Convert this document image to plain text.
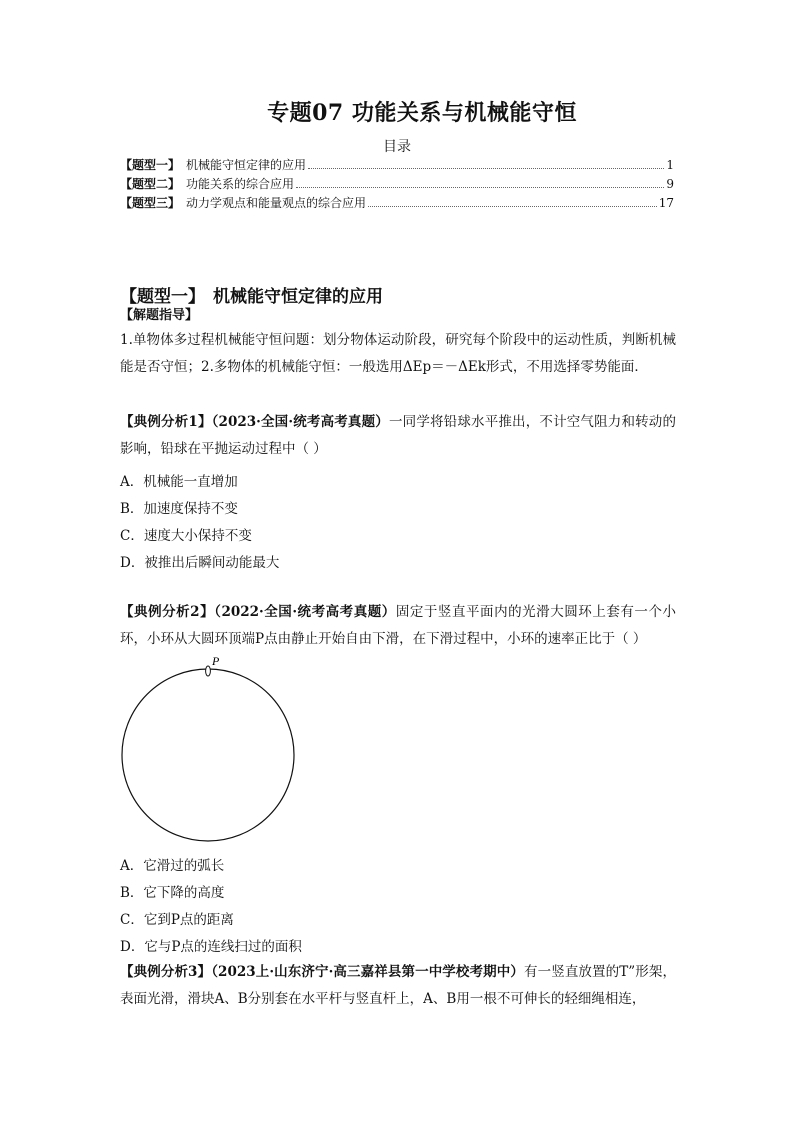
专题07 功能关系与机械能守恒
目录
【题型一】 机械能守恒定律的应用	1
【题型二】 功能关系的综合应用	9
【题型三】 动力学观点和能量观点的综合应用	17
【题型一】 机械能守恒定律的应用
【解题指导】
1.单物体多过程机械能守恒问题：划分物体运动阶段，研究每个阶段中的运动性质，判断机械能是否守恒；2.多物体的机械能守恒：一般选用ΔEp＝－ΔEk形式，不用选择零势能面．
【典例分析1】（2023·全国·统考高考真题）一同学将铅球水平推出，不计空气阻力和转动的影响，铅球在平抛运动过程中（ ）
A．机械能一直增加
B．加速度保持不变
C．速度大小保持不变
D．被推出后瞬间动能最大
【典例分析2】（2022·全国·统考高考真题）固定于竖直平面内的光滑大圆环上套有一个小环，小环从大圆环顶端P点由静止开始自由下滑，在下滑过程中，小环的速率正比于（ ）
P
A．它滑过的弧长
B．它下降的高度
C．它到P点的距离
D．它与P点的连线扫过的面积
【典例分析3】（2023上·山东济宁·高三嘉祥县第一中学校考期中）有一竖直放置的T”形架，表面光滑，滑块A、B分别套在水平杆与竖直杆上，A、B用一根不可伸长的轻细绳相连，
